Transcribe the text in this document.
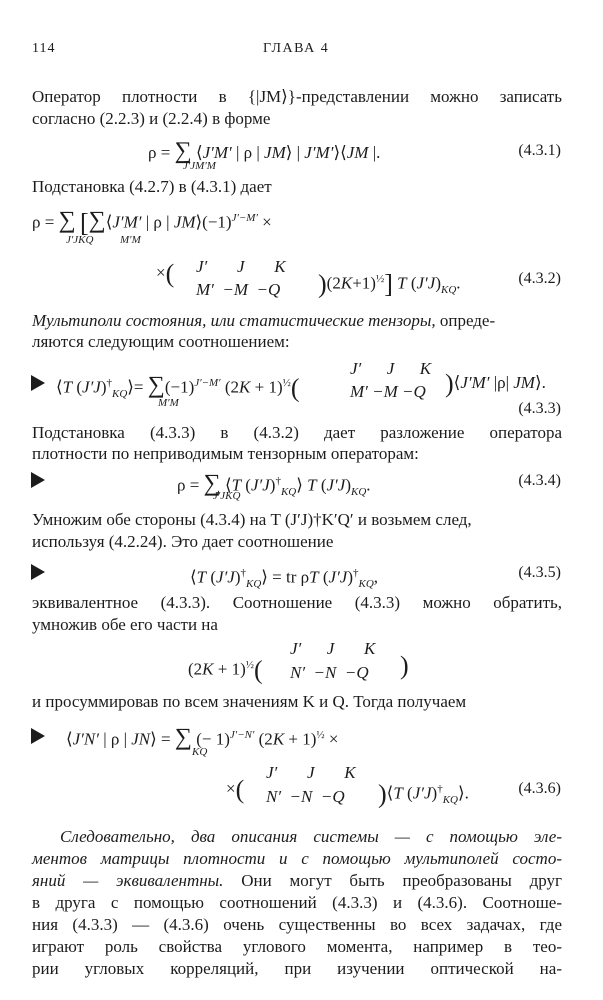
114	ГЛАВА 4
Оператор плотности в {|JM⟩}-представлении можно записать
согласно (2.2.3) и (2.2.4) в форме
ρ = ∑ ⟨J′M′ | ρ | JM⟩ | J′M′⟩⟨JM |.
J′JM′M
(4.3.1)
Подстановка (4.2.7) в (4.3.1) дает
ρ = ∑ [∑⟨J′M′ | ρ | $JM⟩(-1)^{J'-M'}$ ×
J′JKQ M′M
×( J′       J       K
M′  −M  −Q )$(2K+1)^{\frac{1}{2}}$] T $(J'J)_{KQ}$.	(4.3.2)
Мультиполи состояния, или статистические тензоры, опреде-
ляются следующим соотношением:
⟨T $(J'J)^\dagger_{KQ}⟩= \sum(-1)^{J'-M'}$ $(2K + 1)^{\frac{1}{2}}$(
M′M
J′      J      K
M′ −M −Q )⟨J′M′ |ρ| JM⟩.
(4.3.3)
Подстановка (4.3.3) в (4.3.2) дает разложение оператора
плотности по неприводимым тензорным операторам:
ρ = ∑ ⟨T $(J'J)^\dagger_{KQ}⟩$ T $(J'J)_{KQ}$.
J′JKQ
(4.3.4)
Умножим обе стороны (4.3.4) на T (J′J)†K′Q′ и возьмем след,
используя (4.2.24). Это дает соотношение
⟨T $(J'J)^\dagger_{KQ}⟩$ = tr ρT $(J'J)^\dagger_{KQ}$,	(4.3.5)
эквивалентное (4.3.3). Соотношение (4.3.3) можно обратить,
умножив обе его части на
$(2K + 1)^{\frac{1}{2}}$(
J′      J       K
N′  −N  −Q )
и просуммировав по всем значениям K и Q. Тогда получаем
⟨J′N′ | ρ | JN⟩ = ∑ (− 1)$^{J'-N'}$ $(2K + 1)^{\frac{1}{2}}$ ×
KQ
×(
J′       J       K
N′  −N  −Q )⟨T $(J'J)^\dagger_{KQ}⟩$.	(4.3.6)
Следовательно, два описания системы — с помощью эле-
ментов матрицы плотности и с помощью мультиполей состо-
яний — эквивалентны. Они могут быть преобразованы друг
в друга с помощью соотношений (4.3.3) и (4.3.6). Соотноше-
ния (4.3.3) — (4.3.6) очень существенны во всех задачах, где
играют роль свойства углового момента, например в тео-
рии угловых корреляций, при изучении оптической на-
